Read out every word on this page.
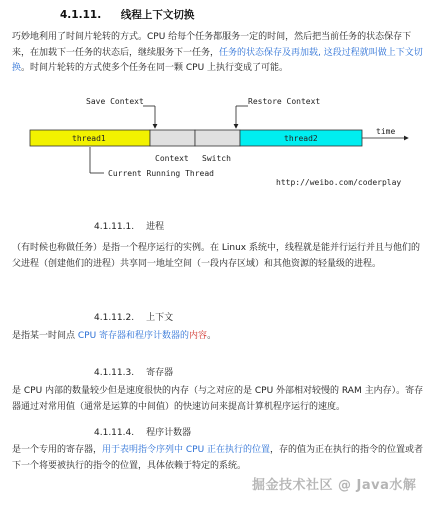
4.1.11. 线程上下文切换
巧妙地利用了时间片轮转的方式。CPU 给每个任务都服务一定的时间，然后把当前任务的状态保存下来，在加载下一任务的状态后，继续服务下一任务，任务的状态保存及再加载, 这段过程就叫做上下文切换。时间片轮转的方式使多个任务在同一颗 CPU 上执行变成了可能。
Save Context	Restore Context
thread1	thread2
time
Context Switch
Current Running Thread
http://weibo.com/coderplay
4.1.11.1. 进程
（有时候也称做任务）是指一个程序运行的实例。在 Linux 系统中，线程就是能并行运行并且与他们的父进程（创建他们的进程）共享同一地址空间（一段内存区域）和其他资源的轻量级的进程。
4.1.11.2. 上下文
是指某一时间点 CPU 寄存器和程序计数器的内容。
4.1.11.3. 寄存器
是 CPU 内部的数量较少但是速度很快的内存（与之对应的是 CPU 外部相对较慢的 RAM 主内存）。寄存器通过对常用值（通常是运算的中间值）的快速访问来提高计算机程序运行的速度。
4.1.11.4. 程序计数器
是一个专用的寄存器，用于表明指令序列中 CPU 正在执行的位置，存的值为正在执行的指令的位置或者下一个将要被执行的指令的位置，具体依赖于特定的系统。
掘金技术社区 @ Java水解
